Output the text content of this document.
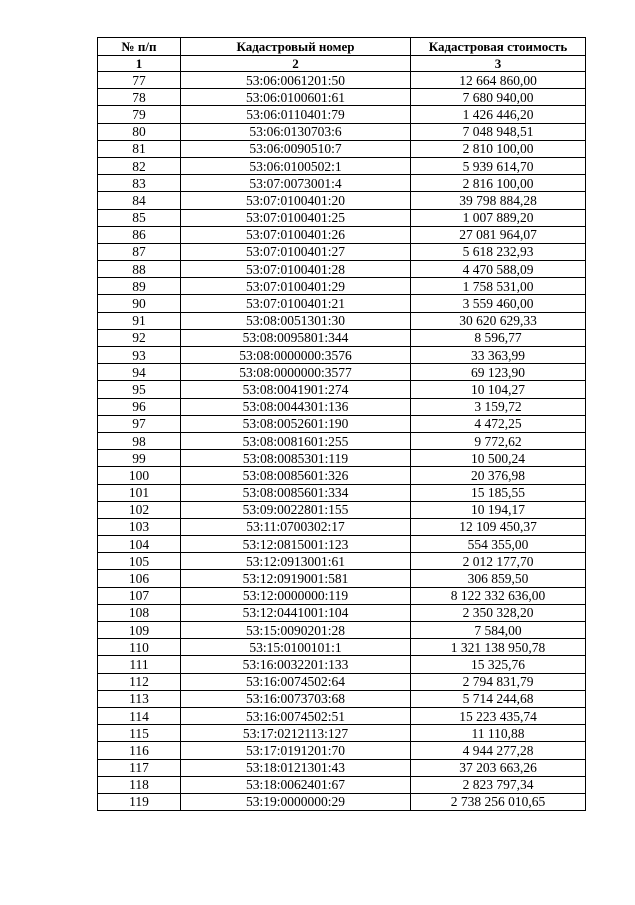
№ п/п	Кадастровый номер	Кадастровая стоимость
1	2	3
77	53:06:0061201:50	12 664 860,00
78	53:06:0100601:61	7 680 940,00
79	53:06:0110401:79	1 426 446,20
80	53:06:0130703:6	7 048 948,51
81	53:06:0090510:7	2 810 100,00
82	53:06:0100502:1	5 939 614,70
83	53:07:0073001:4	2 816 100,00
84	53:07:0100401:20	39 798 884,28
85	53:07:0100401:25	1 007 889,20
86	53:07:0100401:26	27 081 964,07
87	53:07:0100401:27	5 618 232,93
88	53:07:0100401:28	4 470 588,09
89	53:07:0100401:29	1 758 531,00
90	53:07:0100401:21	3 559 460,00
91	53:08:0051301:30	30 620 629,33
92	53:08:0095801:344	8 596,77
93	53:08:0000000:3576	33 363,99
94	53:08:0000000:3577	69 123,90
95	53:08:0041901:274	10 104,27
96	53:08:0044301:136	3 159,72
97	53:08:0052601:190	4 472,25
98	53:08:0081601:255	9 772,62
99	53:08:0085301:119	10 500,24
100	53:08:0085601:326	20 376,98
101	53:08:0085601:334	15 185,55
102	53:09:0022801:155	10 194,17
103	53:11:0700302:17	12 109 450,37
104	53:12:0815001:123	554 355,00
105	53:12:0913001:61	2 012 177,70
106	53:12:0919001:581	306 859,50
107	53:12:0000000:119	8 122 332 636,00
108	53:12:0441001:104	2 350 328,20
109	53:15:0090201:28	7 584,00
110	53:15:0100101:1	1 321 138 950,78
111	53:16:0032201:133	15 325,76
112	53:16:0074502:64	2 794 831,79
113	53:16:0073703:68	5 714 244,68
114	53:16:0074502:51	15 223 435,74
115	53:17:0212113:127	11 110,88
116	53:17:0191201:70	4 944 277,28
117	53:18:0121301:43	37 203 663,26
118	53:18:0062401:67	2 823 797,34
119	53:19:0000000:29	2 738 256 010,65
